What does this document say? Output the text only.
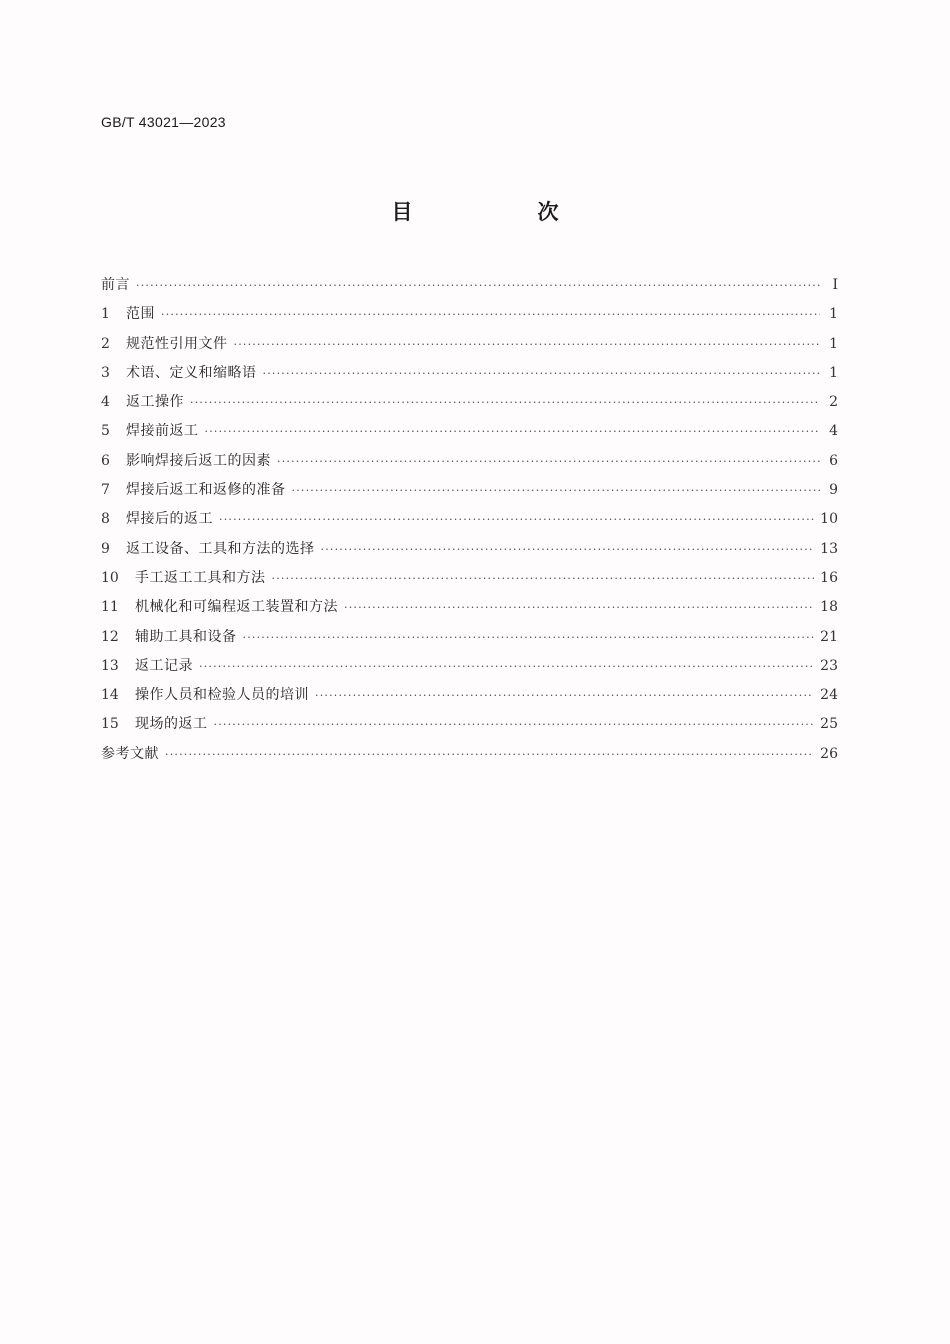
GB/T 43021—2023
目　次
前言 ·····	Ⅰ
1	范围 ·····	1
2	规范性引用文件 ·····	1
3	术语、定义和缩略语 ·····	1
4	返工操作 ·····	2
5	焊接前返工 ·····	4
6	影响焊接后返工的因素 ·····	6
7	焊接后返工和返修的准备 ·····	9
8	焊接后的返工 ·····	10
9	返工设备、工具和方法的选择 ·····	13
10	手工返工工具和方法 ·····	16
11	机械化和可编程返工装置和方法 ·····	18
12	辅助工具和设备 ·····	21
13	返工记录 ·····	23
14	操作人员和检验人员的培训 ·····	24
15	现场的返工 ·····	25
参考文献 ·····	26
